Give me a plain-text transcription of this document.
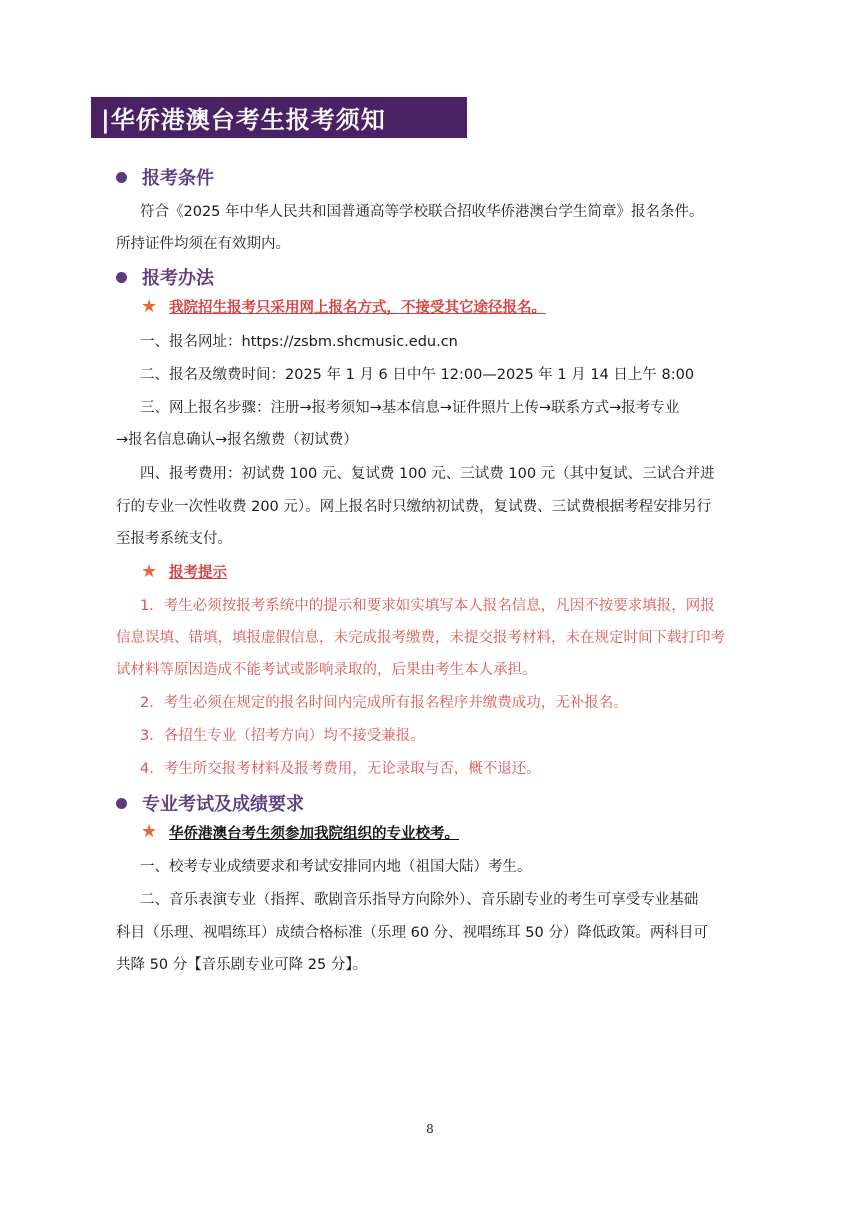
|华侨港澳台考生报考须知
报考条件
符合《2025 年中华人民共和国普通高等学校联合招收华侨港澳台学生简章》报名条件。
所持证件均须在有效期内。
报考办法
★ 我院招生报考只采用网上报名方式，不接受其它途径报名。
一、报名网址：https://zsbm.shcmusic.edu.cn
二、报名及缴费时间：2025 年 1 月 6 日中午 12:00—2025 年 1 月 14 日上午 8:00
三、网上报名步骤：注册→报考须知→基本信息→证件照片上传→联系方式→报考专业
→报名信息确认→报名缴费（初试费）
四、报考费用：初试费 100 元、复试费 100 元、三试费 100 元（其中复试、三试合并进
行的专业一次性收费 200 元）。网上报名时只缴纳初试费，复试费、三试费根据考程安排另行
至报考系统支付。
★ 报考提示
1．考生必须按报考系统中的提示和要求如实填写本人报名信息，凡因不按要求填报，网报
信息误填、错填，填报虚假信息，未完成报考缴费，未提交报考材料，未在规定时间下载打印考
试材料等原因造成不能考试或影响录取的，后果由考生本人承担。
2．考生必须在规定的报名时间内完成所有报名程序并缴费成功，无补报名。
3．各招生专业（招考方向）均不接受兼报。
4．考生所交报考材料及报考费用，无论录取与否，概不退还。
专业考试及成绩要求
★ 华侨港澳台考生须参加我院组织的专业校考。
一、校考专业成绩要求和考试安排同内地（祖国大陆）考生。
二、音乐表演专业（指挥、歌剧音乐指导方向除外）、音乐剧专业的考生可享受专业基础
科目（乐理、视唱练耳）成绩合格标准（乐理 60 分、视唱练耳 50 分）降低政策。两科目可
共降 50 分【音乐剧专业可降 25 分】。
8
